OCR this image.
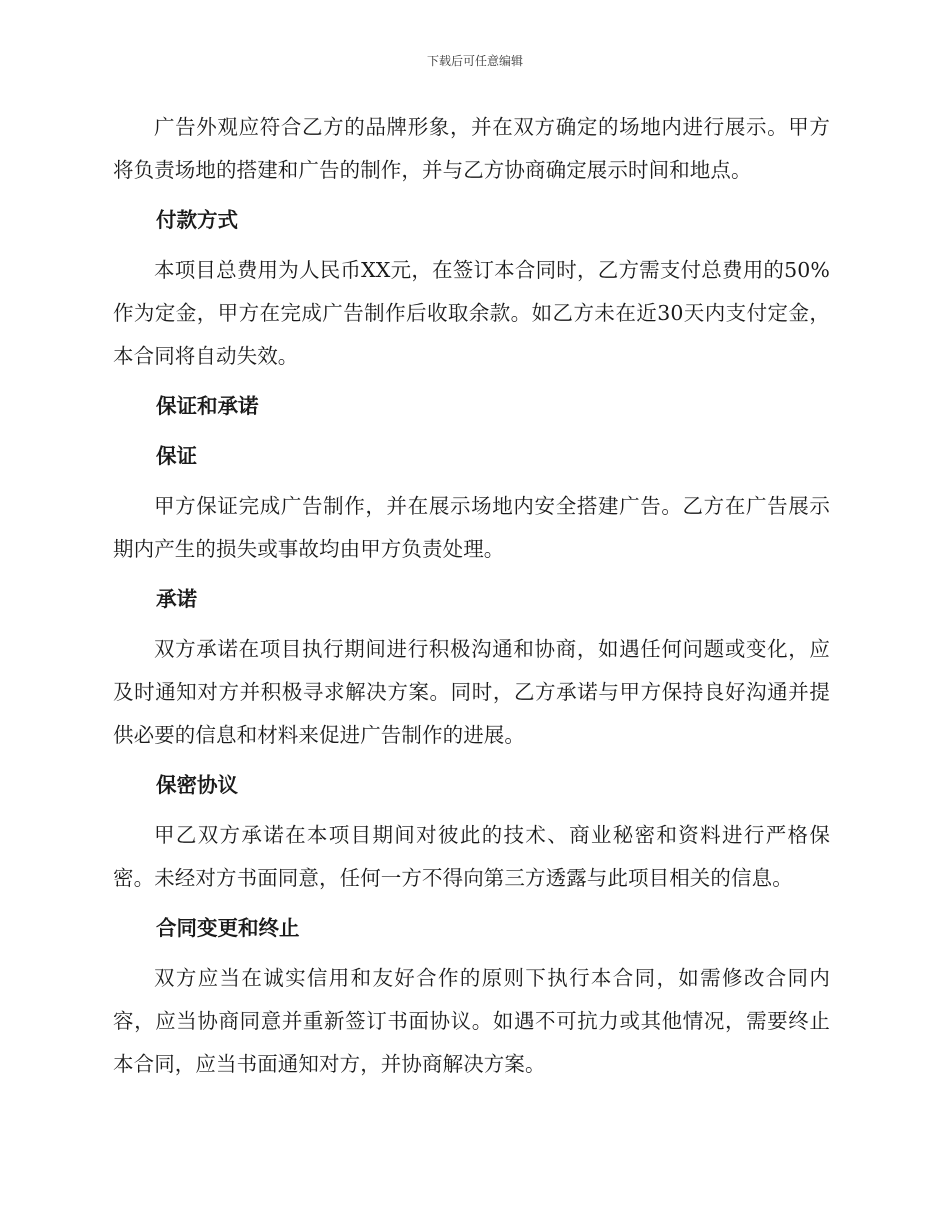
下载后可任意编辑

广告外观应符合乙方的品牌形象，并在双方确定的场地内进行展示。甲方将负责场地的搭建和广告的制作，并与乙方协商确定展示时间和地点。

付款方式

本项目总费用为人民币XX元，在签订本合同时，乙方需支付总费用的50%作为定金，甲方在完成广告制作后收取余款。如乙方未在近30天内支付定金，本合同将自动失效。

保证和承诺
保证

甲方保证完成广告制作，并在展示场地内安全搭建广告。乙方在广告展示期内产生的损失或事故均由甲方负责处理。

承诺

双方承诺在项目执行期间进行积极沟通和协商，如遇任何问题或变化，应及时通知对方并积极寻求解决方案。同时，乙方承诺与甲方保持良好沟通并提供必要的信息和材料来促进广告制作的进展。

保密协议

甲乙双方承诺在本项目期间对彼此的技术、商业秘密和资料进行严格保密。未经对方书面同意，任何一方不得向第三方透露与此项目相关的信息。

合同变更和终止

双方应当在诚实信用和友好合作的原则下执行本合同，如需修改合同内容，应当协商同意并重新签订书面协议。如遇不可抗力或其他情况，需要终止本合同，应当书面通知对方，并协商解决方案。
